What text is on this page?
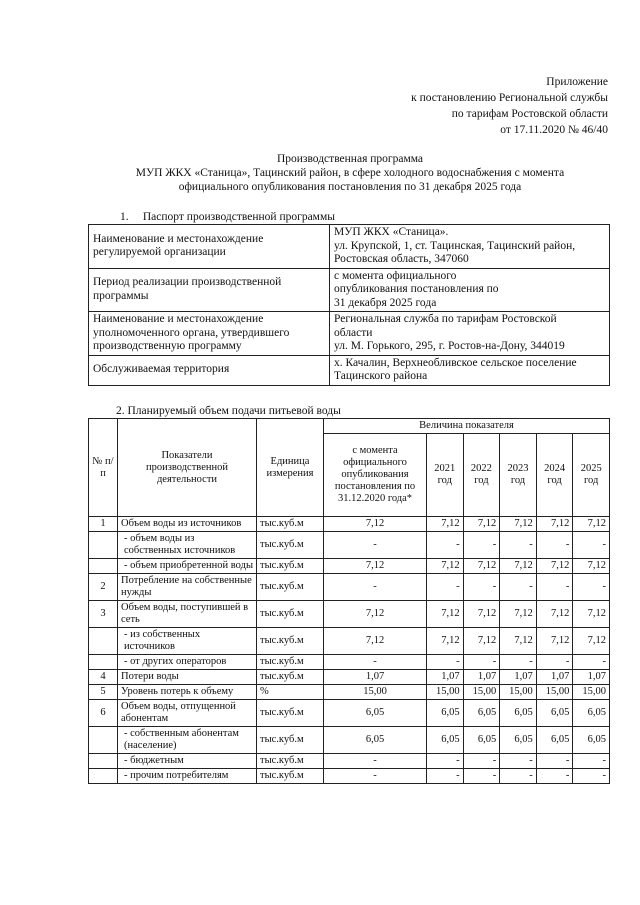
Приложение
к постановлению Региональной службы
по тарифам Ростовской области
от 17.11.2020 № 46/40
Производственная программа
МУП ЖКХ «Станица», Тацинский район, в сфере холодного водоснабжения с момента
официального опубликования постановления по 31 декабря 2025 года
1. Паспорт производственной программы
Наименование и местонахождение регулируемой организации	МУП ЖКХ «Станица».
ул. Крупской, 1, ст. Тацинская, Тацинский район,
Ростовская область, 347060

Период реализации производственной программы	с момента официального
опубликования постановления по
31 декабря 2025 года

Наименование и местонахождение уполномоченного органа, утвердившего производственную программу	Региональная служба по тарифам Ростовской
области
ул. М. Горького, 295, г. Ростов-на-Дону, 344019

Обслуживаемая территория	х. Качалин, Верхнеобливское сельское поселение
Тацинского района
2. Планируемый объем подачи питьевой воды
№ п/п	Показатели производственной деятельности	Единица измерения	Величина показателя					
			с момента официального опубликования постановления по 31.12.2020 года*	2021 год	2022 год	2023 год	2024 год	2025 год
1	Объем воды из источников	тыс.куб.м	7,12	7,12	7,12	7,12	7,12	7,12
	- объем воды из собственных источников	тыс.куб.м	-	-	-	-	-	-
	- объем приобретенной воды	тыс.куб.м	7,12	7,12	7,12	7,12	7,12	7,12
2	Потребление на собственные нужды	тыс.куб.м	-	-	-	-	-	-
3	Объем воды, поступившей в сеть	тыс.куб.м	7,12	7,12	7,12	7,12	7,12	7,12
	- из собственных источников	тыс.куб.м	7,12	7,12	7,12	7,12	7,12	7,12
	- от других операторов	тыс.куб.м	-	-	-	-	-	-
4	Потери воды	тыс.куб.м	1,07	1,07	1,07	1,07	1,07	1,07
5	Уровень потерь к объему	%	15,00	15,00	15,00	15,00	15,00	15,00
6	Объем воды, отпущенной абонентам	тыс.куб.м	6,05	6,05	6,05	6,05	6,05	6,05
	- собственным абонентам (население)	тыс.куб.м	6,05	6,05	6,05	6,05	6,05	6,05
	- бюджетным	тыс.куб.м	-	-	-	-	-	-
	- прочим потребителям	тыс.куб.м	-	-	-	-	-	-
